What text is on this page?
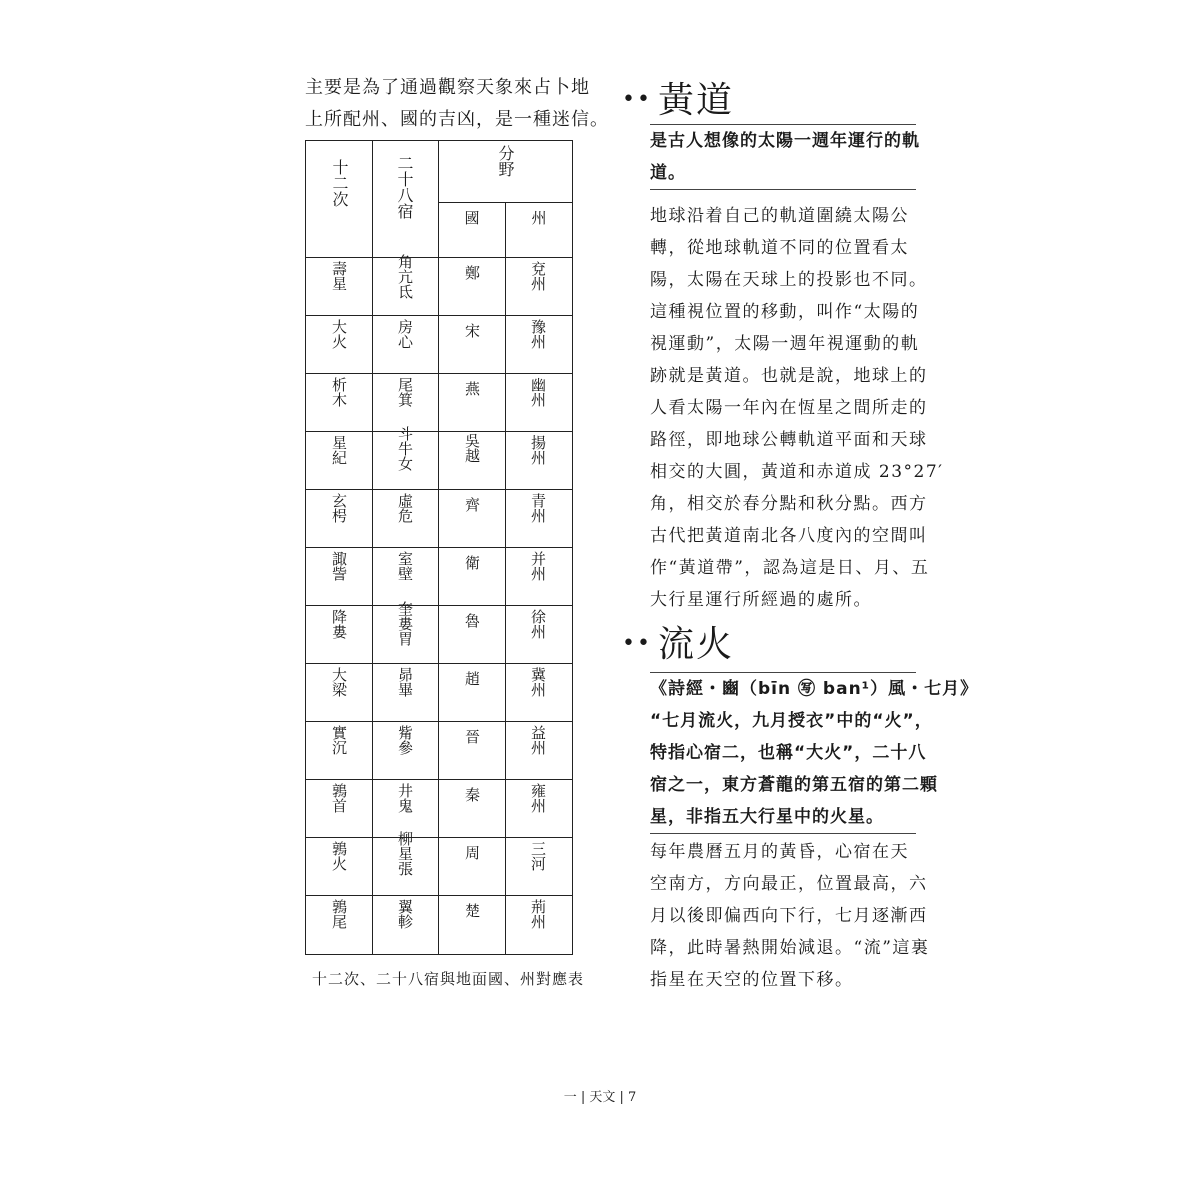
主要是為了通過觀察天象來占卜地
上所配州、國的吉凶，是一種迷信。
十二次	二十八宿	分野
國	州
壽星	角亢氐	鄭	兗州
大火	房心	宋	豫州
析木	尾箕	燕	幽州
星紀	斗牛女	吳越	揚州
玄枵	虛危	齊	青州
諏訾	室壁	衛	并州
降婁	奎婁胃	魯	徐州
大梁	昴畢	趙	冀州
實沉	觜參	晉	益州
鶉首	井鬼	秦	雍州
鶉火	柳星張	周	三河
鶉尾	翼軫	楚	荊州
十二次、二十八宿與地面國、州對應表
•• 黃道
是古人想像的太陽一週年運行的軌
道。
地球沿着自己的軌道圍繞太陽公
轉，從地球軌道不同的位置看太
陽，太陽在天球上的投影也不同。
這種視位置的移動，叫作“太陽的
視運動”，太陽一週年視運動的軌
跡就是黃道。也就是說，地球上的
人看太陽一年內在恆星之間所走的
路徑，即地球公轉軌道平面和天球
相交的大圓，黃道和赤道成 23°27′
角，相交於春分點和秋分點。西方
古代把黃道南北各八度內的空間叫
作“黃道帶”，認為這是日、月、五
大行星運行所經過的處所。
•• 流火
《詩經・豳（bīn ㊢ ban¹）風・七月》
“七月流火，九月授衣”中的“火”，
特指心宿二，也稱“大火”，二十八
宿之一，東方蒼龍的第五宿的第二顆
星，非指五大行星中的火星。
每年農曆五月的黃昏，心宿在天
空南方，方向最正，位置最高，六
月以後即偏西向下行，七月逐漸西
降，此時暑熱開始減退。“流”這裏
指星在天空的位置下移。
一 | 天文 | 7
